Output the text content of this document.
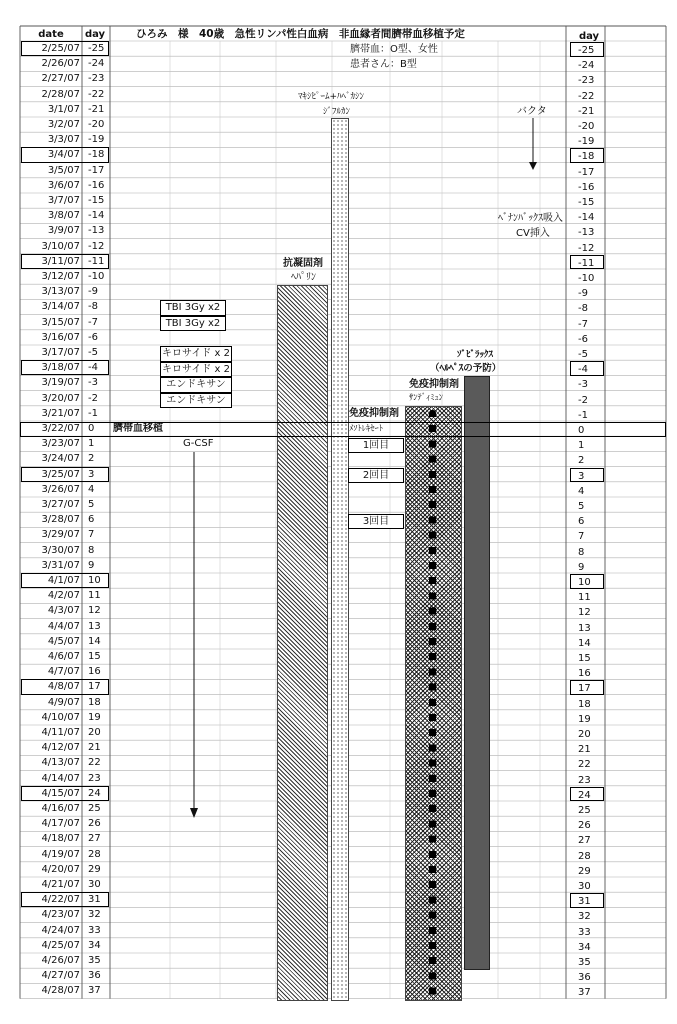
date	day	day
ひろみ　様　40歳　急性リンパ性白血病　非血縁者間臍帯血移植予定
2/25/07 -25	-25
2/26/07 -24	-24
2/27/07 -23	-23
2/28/07 -22	-22
3/1/07 -21	-21
3/2/07 -20	-20
3/3/07 -19	-19
3/4/07 -18	-18
3/5/07 -17	-17
3/6/07 -16	-16
3/7/07 -15	-15
3/8/07 -14	-14
3/9/07 -13	-13
3/10/07 -12	-12
3/11/07 -11	-11
3/12/07 -10	-10
3/13/07 -9	-9
3/14/07 -8	-8
3/15/07 -7	-7
3/16/07 -6	-6
3/17/07 -5	-5
3/18/07 -4	-4
3/19/07 -3	-3
3/20/07 -2	-2
3/21/07 -1	-1
3/22/07 0	0
3/23/07 1	1
3/24/07 2	2
3/25/07 3	3
3/26/07 4	4
3/27/07 5	5
3/28/07 6	6
3/29/07 7	7
3/30/07 8	8
3/31/07 9	9
4/1/07 10	10
4/2/07 11	11
4/3/07 12	12
4/4/07 13	13
4/5/07 14	14
4/6/07 15	15
4/7/07 16	16
4/8/07 17	17
4/9/07 18	18
4/10/07 19	19
4/11/07 20	20
4/12/07 21	21
4/13/07 22	22
4/14/07 23	23
4/15/07 24	24
4/16/07 25	25
4/17/07 26	26
4/18/07 27	27
4/19/07 28	28
4/20/07 29	29
4/21/07 30	30
4/22/07 31	31
4/23/07 32	32
4/24/07 33	33
4/25/07 34	34
4/26/07 35	35
4/27/07 36	36
4/28/07 37	37
臍帯血：O型、女性
患者さん：B型
ﾏｷｼﾋﾟｰﾑ+ﾊﾍﾞｶｼﾝ
ｼﾞﾌﾙｶﾝ	バクタ
ﾍﾞﾅﾝﾊﾞｯｸｽ吸入
CV挿入
抗凝固剤
ﾍﾊﾟﾘﾝ
TBI 3Gy x2
TBI 3Gy x2
キロサイド x 2
キロサイド x 2
エンドキサン
エンドキサン
ｿﾞﾋﾞﾗｯｸｽ
（ﾍﾙﾍﾟｽの予防）
免疫抑制剤
免疫抑制剤
ｻﾝﾃﾞｨﾐｭﾝ
ﾒｿﾄﾚｷｾｰﾄ
1回目
2回目
3回目
臍帯血移植
G-CSF
